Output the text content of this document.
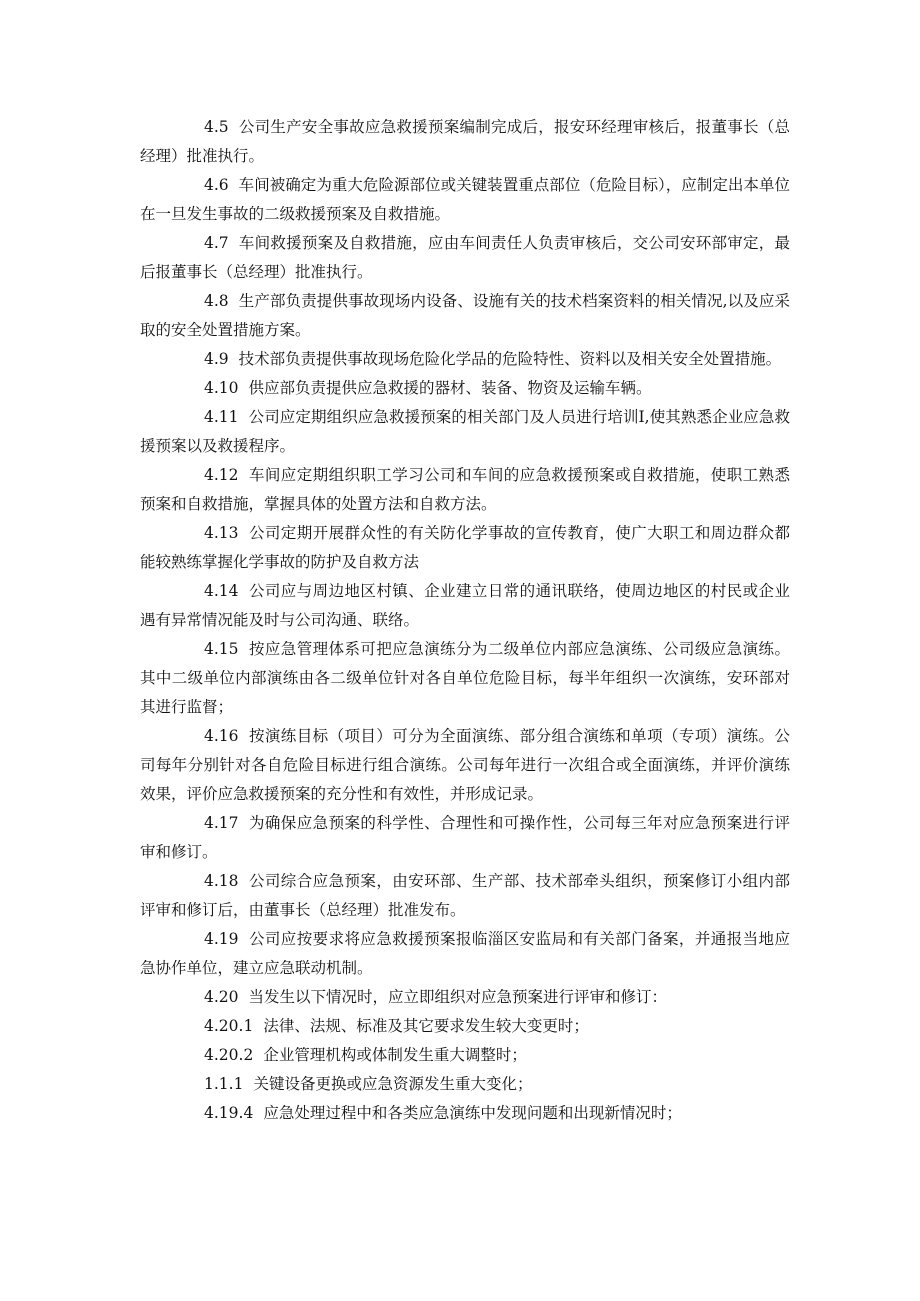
4.5 公司生产安全事故应急救援预案编制完成后，报安环经理审核后，报董事长（总经理）批准执行。

4.6 车间被确定为重大危险源部位或关键装置重点部位（危险目标），应制定出本单位在一旦发生事故的二级救援预案及自救措施。

4.7 车间救援预案及自救措施，应由车间责任人负责审核后，交公司安环部审定，最后报董事长（总经理）批准执行。

4.8 生产部负责提供事故现场内设备、设施有关的技术档案资料的相关情况,以及应采取的安全处置措施方案。

4.9 技术部负责提供事故现场危险化学品的危险特性、资料以及相关安全处置措施。

4.10 供应部负责提供应急救援的器材、装备、物资及运输车辆。

4.11 公司应定期组织应急救援预案的相关部门及人员进行培训I,使其熟悉企业应急救援预案以及救援程序。

4.12 车间应定期组织职工学习公司和车间的应急救援预案或自救措施，使职工熟悉预案和自救措施，掌握具体的处置方法和自救方法。

4.13 公司定期开展群众性的有关防化学事故的宣传教育，使广大职工和周边群众都能较熟练掌握化学事故的防护及自救方法

4.14 公司应与周边地区村镇、企业建立日常的通讯联络，使周边地区的村民或企业遇有异常情况能及时与公司沟通、联络。

4.15 按应急管理体系可把应急演练分为二级单位内部应急演练、公司级应急演练。其中二级单位内部演练由各二级单位针对各自单位危险目标，每半年组织一次演练，安环部对其进行监督；

4.16 按演练目标（项目）可分为全面演练、部分组合演练和单项（专项）演练。公司每年分别针对各自危险目标进行组合演练。公司每年进行一次组合或全面演练，并评价演练效果，评价应急救援预案的充分性和有效性，并形成记录。

4.17 为确保应急预案的科学性、合理性和可操作性，公司每三年对应急预案进行评审和修订。

4.18 公司综合应急预案，由安环部、生产部、技术部牵头组织，预案修订小组内部评审和修订后，由董事长（总经理）批准发布。

4.19 公司应按要求将应急救援预案报临淄区安监局和有关部门备案，并通报当地应急协作单位，建立应急联动机制。

4.20 当发生以下情况时，应立即组织对应急预案进行评审和修订：

4.20.1 法律、法规、标准及其它要求发生较大变更时；

4.20.2 企业管理机构或体制发生重大调整时；

1.1.1 关键设备更换或应急资源发生重大变化；

4.19.4 应急处理过程中和各类应急演练中发现问题和出现新情况时；
